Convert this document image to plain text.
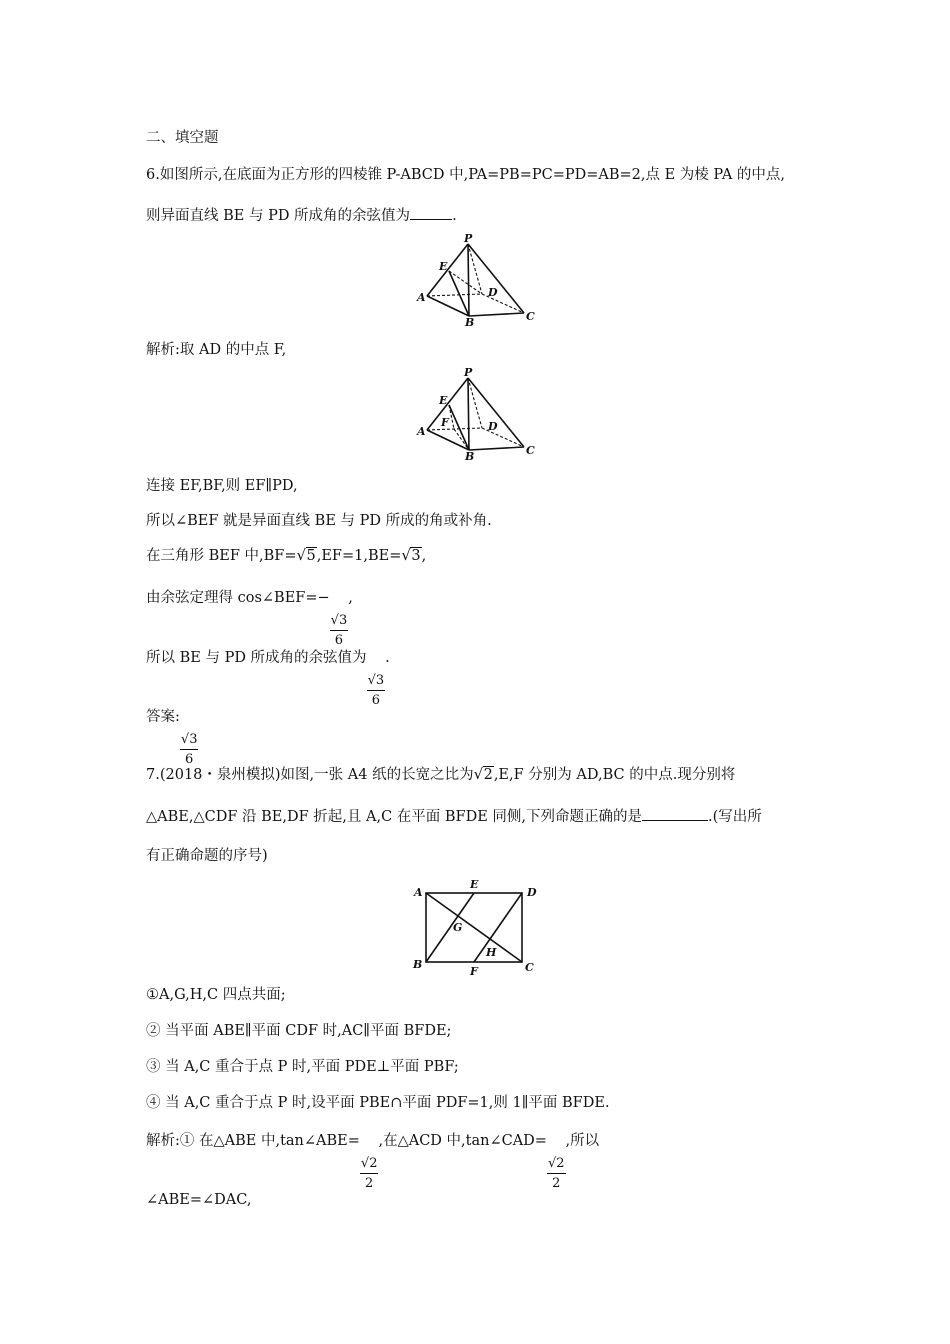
二、填空题
6.如图所示,在底面为正方形的四棱锥 P-ABCD 中,PA=PB=PC=PD=AB=2,点 E 为棱 PA 的中点,
则异面直线 BE 与 PD 所成角的余弦值为	.
P
E
A
B	C
D
解析:取 AD 的中点 F,
P
E
F
A
B	C
D
连接 EF,BF,则 EF∥PD,
所以∠BEF 就是异面直线 BE 与 PD 所成的角或补角.
在三角形 BEF 中,BF= √ 5,EF=1,BE= √ 3,
由余弦定理得 cos∠BEF=−
$\frac{√3}{6}$
,
所以 BE 与 PD 所成角的余弦值为
$\frac{√3}{6}$
.
答案:
$\frac{√3}{6}$
7.(2018・泉州模拟)如图,一张 A4 纸的长宽之比为 √ 2,E,F 分别为 AD,BC 的中点.现分别将
△ABE,△CDF 沿 BE,DF 折起,且 A,C 在平面 BFDE 同侧,下列命题正确的是	.(写出所
有正确命题的序号)
A
E
D
G
H
B
F	C
①A,G,H,C 四点共面;
② 当平面 ABE∥平面 CDF 时,AC∥平面 BFDE;
③ 当 A,C 重合于点 P 时,平面 PDE⊥平面 PBF;
④ 当 A,C 重合于点 P 时,设平面 PBE∩平面 PDF=1,则 1∥平面 BFDE.
解析:① 在△ABE 中,tan∠ABE=
$\frac{√2}{2}$
,在△ACD 中,tan∠CAD=
$\frac{√2}{2}$
,所以
∠ABE=∠DAC,
